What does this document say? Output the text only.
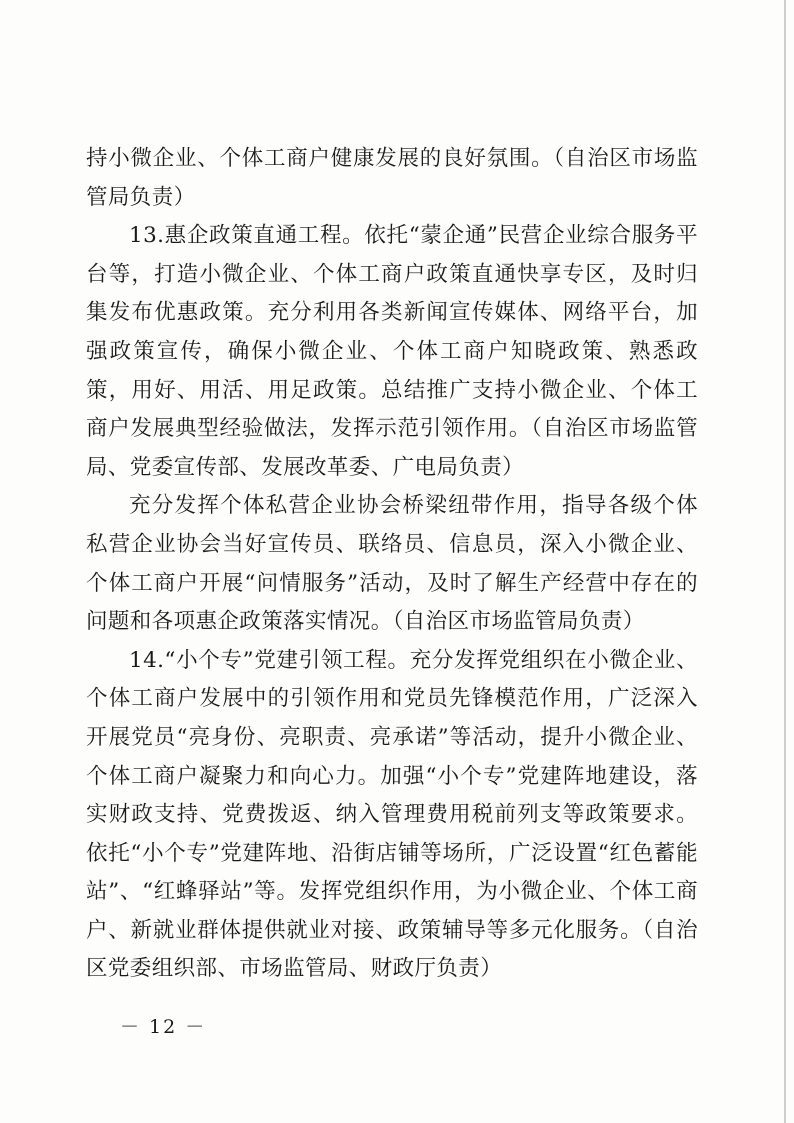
持小微企业、个体工商户健康发展的良好氛围。（自治区市场监管局负责）

13.惠企政策直通工程。依托“蒙企通”民营企业综合服务平台等，打造小微企业、个体工商户政策直通快享专区，及时归集发布优惠政策。充分利用各类新闻宣传媒体、网络平台，加强政策宣传，确保小微企业、个体工商户知晓政策、熟悉政策，用好、用活、用足政策。总结推广支持小微企业、个体工商户发展典型经验做法，发挥示范引领作用。（自治区市场监管局、党委宣传部、发展改革委、广电局负责）

充分发挥个体私营企业协会桥梁纽带作用，指导各级个体私营企业协会当好宣传员、联络员、信息员，深入小微企业、个体工商户开展“问情服务”活动，及时了解生产经营中存在的问题和各项惠企政策落实情况。（自治区市场监管局负责）

14.“小个专”党建引领工程。充分发挥党组织在小微企业、个体工商户发展中的引领作用和党员先锋模范作用，广泛深入开展党员“亮身份、亮职责、亮承诺”等活动，提升小微企业、个体工商户凝聚力和向心力。加强“小个专”党建阵地建设，落实财政支持、党费拨返、纳入管理费用税前列支等政策要求。依托“小个专”党建阵地、沿街店铺等场所，广泛设置“红色蓄能站”、“红蜂驿站”等。发挥党组织作用，为小微企业、个体工商户、新就业群体提供就业对接、政策辅导等多元化服务。（自治区党委组织部、市场监管局、财政厅负责）

－ 12 －
